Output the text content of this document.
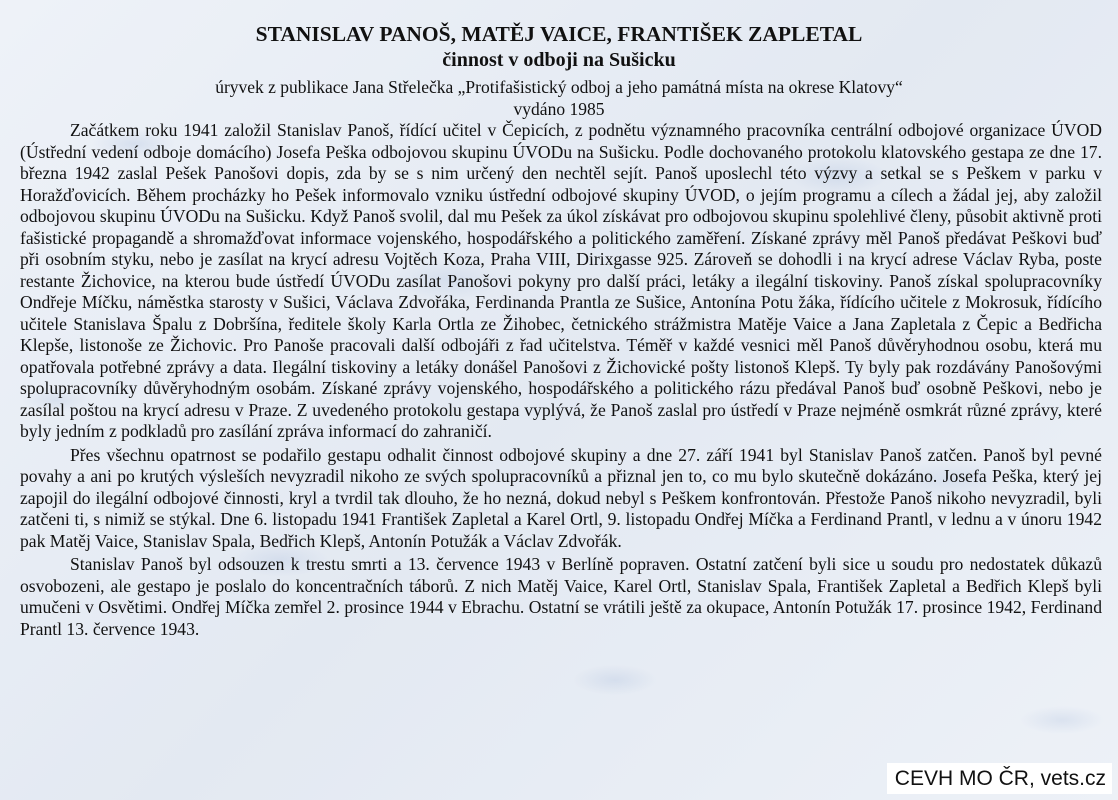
STANISLAV PANOŠ, MATĚJ VAICE, FRANTIŠEK ZAPLETAL
činnost v odboji na Sušicku
úryvek z publikace Jana Střelečka „Protifašistický odboj a jeho památná místa na okrese Klatovy“
vydáno 1985

Začátkem roku 1941 založil Stanislav Panoš, řídící učitel v Čepicích, z podnětu významného pracovníka centrální odbojové organizace ÚVOD (Ústřední vedení odboje domácího) Josefa Peška odbojovou skupinu ÚVODu na Sušicku. Podle dochovaného protokolu klatovského gestapa ze dne 17. března 1942 zaslal Pešek Panošovi dopis, zda by se s nim určený den nechtěl sejít. Panoš uposlechl této výzvy a setkal se s Peškem v parku v Horažďovicích. Během procházky ho Pešek informovalo vzniku ústřední odbojové skupiny ÚVOD, o jejím programu a cílech a žádal jej, aby založil odbojovou skupinu ÚVODu na Sušicku. Když Panoš svolil, dal mu Pešek za úkol získávat pro odbojovou skupinu spolehlivé členy, působit aktivně proti fašistické propagandě a shromažďovat informace vojenského, hospodářského a politického zaměření. Získané zprávy měl Panoš předávat Peškovi buď při osobním styku, nebo je zasílat na krycí adresu Vojtěch Koza, Praha VIII, Dirixgasse 925. Zároveň se dohodli i na krycí adrese Václav Ryba, poste restante Žichovice, na kterou bude ústředí ÚVODu zasílat Panošovi pokyny pro další práci, letáky a ilegální tiskoviny. Panoš získal spolupracovníky Ondřeje Míčku, náměstka starosty v Sušici, Václava Zdvořáka, Ferdinanda Prantla ze Sušice, Antonína Potu žáka, řídícího učitele z Mokrosuk, řídícího učitele Stanislava Špalu z Dobršína, ředitele školy Karla Ortla ze Žihobec, četnického strážmistra Matěje Vaice a Jana Zapletala z Čepic a Bedřicha Klepše, listonoše ze Žichovic. Pro Panoše pracovali další odbojáři z řad učitelstva. Téměř v každé vesnici měl Panoš důvěryhodnou osobu, která mu opatřovala potřebné zprávy a data. Ilegální tiskoviny a letáky donášel Panošovi z Žichovické pošty listonoš Klepš. Ty byly pak rozdávány Panošovými spolupracovníky důvěryhodným osobám. Získané zprávy vojenského, hospodářského a politického rázu předával Panoš buď osobně Peškovi, nebo je zasílal poštou na krycí adresu v Praze. Z uvedeného protokolu gestapa vyplývá, že Panoš zaslal pro ústředí v Praze nejméně osmkrát různé zprávy, které byly jedním z podkladů pro zasílání zpráva informací do zahraničí.

Přes všechnu opatrnost se podařilo gestapu odhalit činnost odbojové skupiny a dne 27. září 1941 byl Stanislav Panoš zatčen. Panoš byl pevné povahy a ani po krutých výsleších nevyzradil nikoho ze svých spolupracovníků a přiznal jen to, co mu bylo skutečně dokázáno. Josefa Peška, který jej zapojil do ilegální odbojové činnosti, kryl a tvrdil tak dlouho, že ho nezná, dokud nebyl s Peškem konfrontován. Přestože Panoš nikoho nevyzradil, byli zatčeni ti, s nimiž se stýkal. Dne 6. listopadu 1941 František Zapletal a Karel Ortl, 9. listopadu Ondřej Míčka a Ferdinand Prantl, v lednu a v únoru 1942 pak Matěj Vaice, Stanislav Spala, Bedřich Klepš, Antonín Potužák a Václav Zdvořák.

Stanislav Panoš byl odsouzen k trestu smrti a 13. července 1943 v Berlíně popraven. Ostatní zatčení byli sice u soudu pro nedostatek důkazů osvobozeni, ale gestapo je poslalo do koncentračních táborů. Z nich Matěj Vaice, Karel Ortl, Stanislav Spala, František Zapletal a Bedřich Klepš byli umučeni v Osvětimi. Ondřej Míčka zemřel 2. prosince 1944 v Ebrachu. Ostatní se vrátili ještě za okupace, Antonín Potužák 17. prosince 1942, Ferdinand Prantl 13. července 1943.

CEVH MO ČR, vets.cz
